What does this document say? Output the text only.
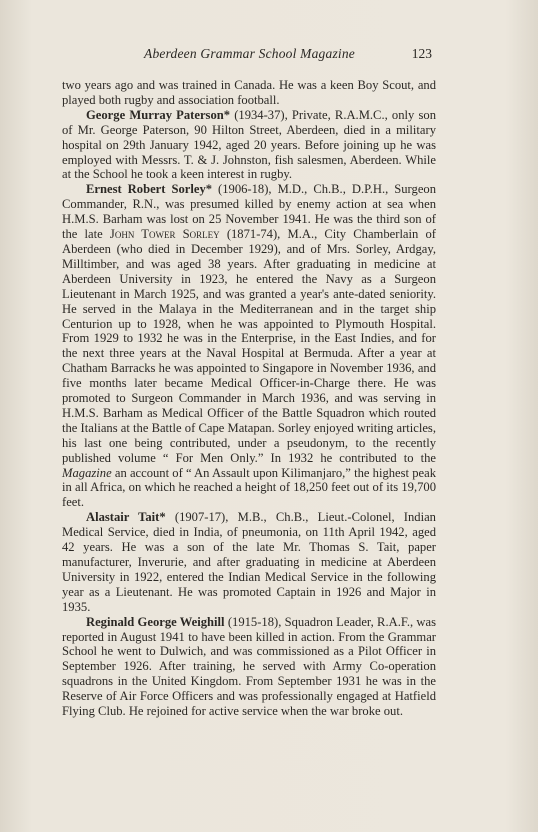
Aberdeen Grammar School Magazine	123

two years ago and was trained in Canada. He was a keen Boy Scout, and played both rugby and association football.

George Murray Paterson* (1934-37), Private, R.A.M.C., only son of Mr. George Paterson, 90 Hilton Street, Aberdeen, died in a military hospital on 29th January 1942, aged 20 years. Before joining up he was employed with Messrs. T. & J. Johnston, fish salesmen, Aberdeen. While at the School he took a keen interest in rugby.

Ernest Robert Sorley* (1906-18), M.D., Ch.B., D.P.H., Surgeon Commander, R.N., was presumed killed by enemy action at sea when H.M.S. Barham was lost on 25 November 1941. He was the third son of the late John Tower Sorley (1871-74), M.A., City Chamberlain of Aberdeen (who died in December 1929), and of Mrs. Sorley, Ardgay, Milltimber, and was aged 38 years. After graduating in medicine at Aberdeen University in 1923, he entered the Navy as a Surgeon Lieutenant in March 1925, and was granted a year's ante-dated seniority. He served in the Malaya in the Mediterranean and in the target ship Centurion up to 1928, when he was appointed to Plymouth Hospital. From 1929 to 1932 he was in the Enterprise, in the East Indies, and for the next three years at the Naval Hospital at Bermuda. After a year at Chatham Barracks he was appointed to Singapore in November 1936, and five months later became Medical Officer-in-Charge there. He was promoted to Surgeon Commander in March 1936, and was serving in H.M.S. Barham as Medical Officer of the Battle Squadron which routed the Italians at the Battle of Cape Matapan. Sorley enjoyed writing articles, his last one being contributed, under a pseudonym, to the recently published volume “ For Men Only.” In 1932 he contributed to the Magazine an account of “ An Assault upon Kilimanjaro,” the highest peak in all Africa, on which he reached a height of 18,250 feet out of its 19,700 feet.

Alastair Tait* (1907-17), M.B., Ch.B., Lieut.-Colonel, Indian Medical Service, died in India, of pneumonia, on 11th April 1942, aged 42 years. He was a son of the late Mr. Thomas S. Tait, paper manufacturer, Inverurie, and after graduating in medicine at Aberdeen University in 1922, entered the Indian Medical Service in the following year as a Lieutenant. He was promoted Captain in 1926 and Major in 1935.

Reginald George Weighill (1915-18), Squadron Leader, R.A.F., was reported in August 1941 to have been killed in action. From the Grammar School he went to Dulwich, and was commissioned as a Pilot Officer in September 1926. After training, he served with Army Co-operation squadrons in the United Kingdom. From September 1931 he was in the Reserve of Air Force Officers and was professionally engaged at Hatfield Flying Club. He rejoined for active service when the war broke out.
